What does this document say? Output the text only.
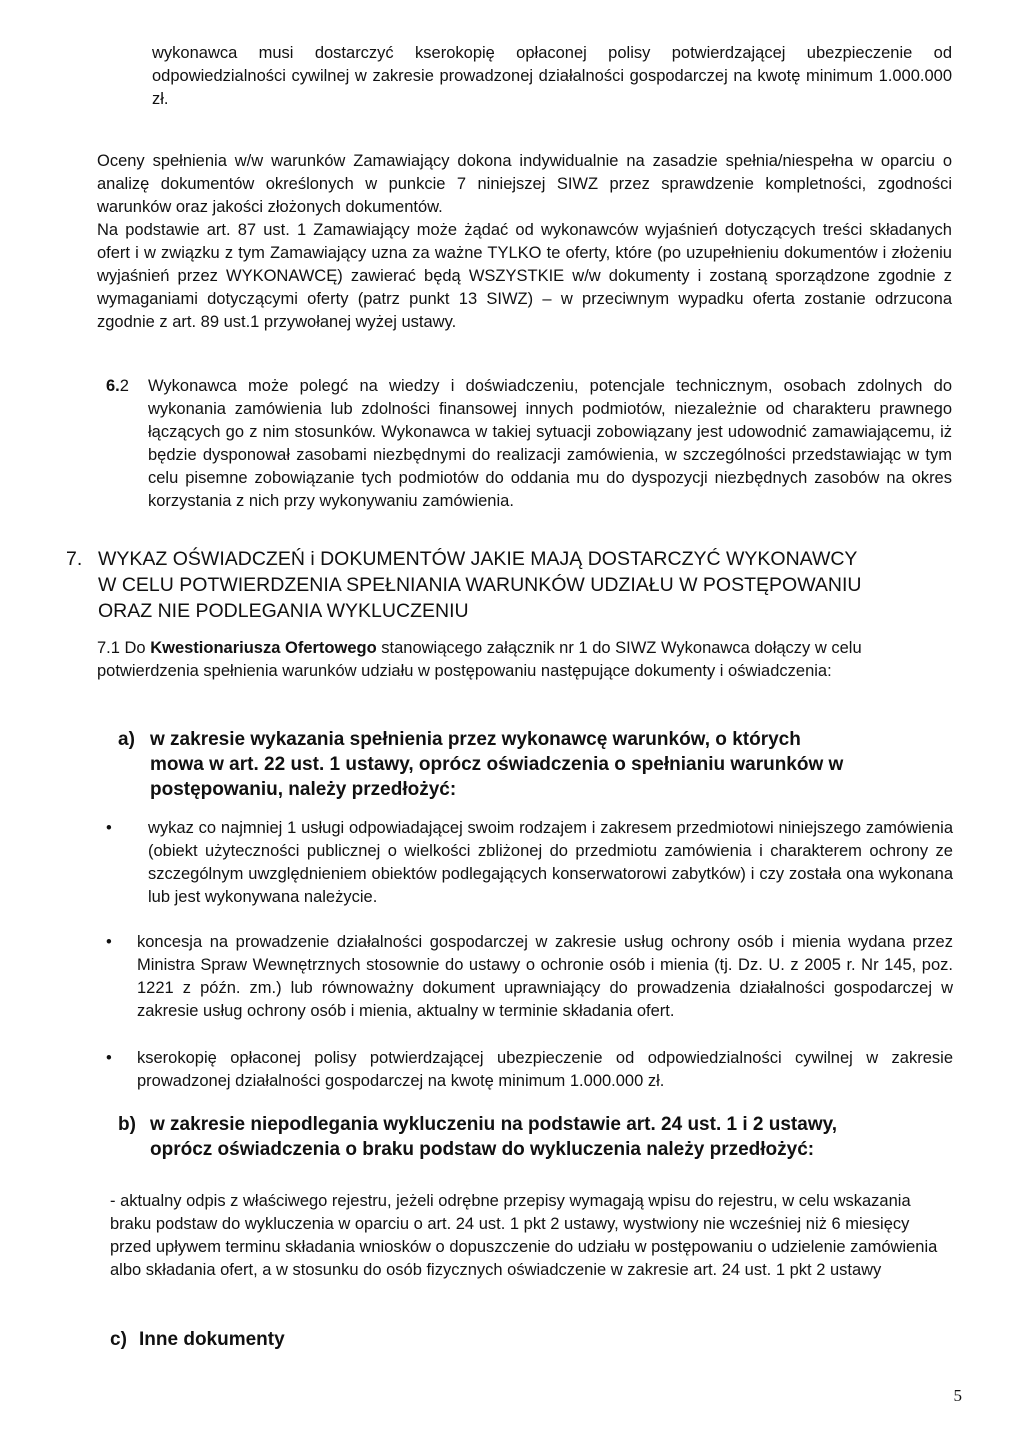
wykonawca musi dostarczyć kserokopię opłaconej polisy potwierdzającej ubezpieczenie od odpowiedzialności cywilnej w zakresie prowadzonej działalności gospodarczej na kwotę minimum 1.000.000 zł.

Oceny spełnienia w/w warunków Zamawiający dokona indywidualnie na zasadzie spełnia/niespełna w oparciu o analizę dokumentów określonych w punkcie 7 niniejszej SIWZ przez sprawdzenie kompletności, zgodności warunków oraz jakości złożonych dokumentów.

Na podstawie art. 87 ust. 1 Zamawiający może żądać od wykonawców wyjaśnień dotyczących treści składanych ofert i w związku z tym Zamawiający uzna za ważne TYLKO te oferty, które (po uzupełnieniu dokumentów i złożeniu wyjaśnień przez WYKONAWCĘ) zawierać będą WSZYSTKIE w/w dokumenty i zostaną sporządzone zgodnie z wymaganiami dotyczącymi oferty (patrz punkt 13 SIWZ) – w przeciwnym wypadku oferta zostanie odrzucona zgodnie z art. 89 ust.1 przywołanej wyżej ustawy.

6.2	Wykonawca może polegć na wiedzy i doświadczeniu, potencjale technicznym, osobach zdolnych do wykonania zamówienia lub zdolności finansowej innych podmiotów, niezależnie od charakteru prawnego łączących go z nim stosunków. Wykonawca w takiej sytuacji zobowiązany jest udowodnić zamawiającemu, iż będzie dysponował zasobami niezbędnymi do realizacji zamówienia, w szczególności przedstawiając w tym celu pisemne zobowiązanie tych podmiotów do oddania mu do dyspozycji niezbędnych zasobów na okres korzystania z nich przy wykonywaniu zamówienia.

7. WYKAZ OŚWIADCZEŃ i DOKUMENTÓW JAKIE MAJĄ DOSTARCZYĆ WYKONAWCY
W CELU POTWIERDZENIA SPEŁNIANIA WARUNKÓW UDZIAŁU W POSTĘPOWANIU
ORAZ NIE PODLEGANIA WYKLUCZENIU

7.1 Do Kwestionariusza Ofertowego stanowiącego załącznik nr 1 do SIWZ Wykonawca dołączy w celu potwierdzenia spełnienia warunków udziału w postępowaniu następujące dokumenty i oświadczenia:

a) w zakresie wykazania spełnienia przez wykonawcę warunków, o których
mowa w art. 22 ust. 1 ustawy, oprócz oświadczenia o spełnianiu warunków w
postępowaniu, należy przedłożyć:
•	wykaz co najmniej 1 usługi odpowiadającej swoim rodzajem i zakresem przedmiotowi niniejszego zamówienia (obiekt użyteczności publicznej o wielkości zbliżonej do przedmiotu zamówienia i charakterem ochrony ze szczególnym uwzględnieniem obiektów podlegających konserwatorowi zabytków) i czy została ona wykonana lub jest wykonywana należycie.

•	koncesja na prowadzenie działalności gospodarczej w zakresie usług ochrony osób i mienia wydana przez Ministra Spraw Wewnętrznych stosownie do ustawy o ochronie osób i mienia (tj. Dz. U. z 2005 r. Nr 145, poz. 1221 z późn. zm.) lub równoważny dokument uprawniający do prowadzenia działalności gospodarczej w zakresie usług ochrony osób i mienia, aktualny w terminie składania ofert.

•	kserokopię opłaconej polisy potwierdzającej ubezpieczenie od odpowiedzialności cywilnej w zakresie prowadzonej działalności gospodarczej na kwotę minimum 1.000.000 zł.

b) w zakresie niepodlegania wykluczeniu na podstawie art. 24 ust. 1 i 2 ustawy,
oprócz oświadczenia o braku podstaw do wykluczenia należy przedłożyć:

- aktualny odpis z właściwego rejestru, jeżeli odrębne przepisy wymagają wpisu do rejestru, w celu wskazania braku podstaw do wykluczenia w oparciu o art. 24 ust. 1 pkt 2 ustawy, wystwiony nie wcześniej niż 6 miesięcy przed upływem terminu składania wniosków o dopuszczenie do udziału w postępowaniu o udzielenie zamówienia albo składania ofert, a w stosunku do osób fizycznych oświadczenie w zakresie art. 24 ust. 1 pkt 2 ustawy

c) Inne dokumenty
5
